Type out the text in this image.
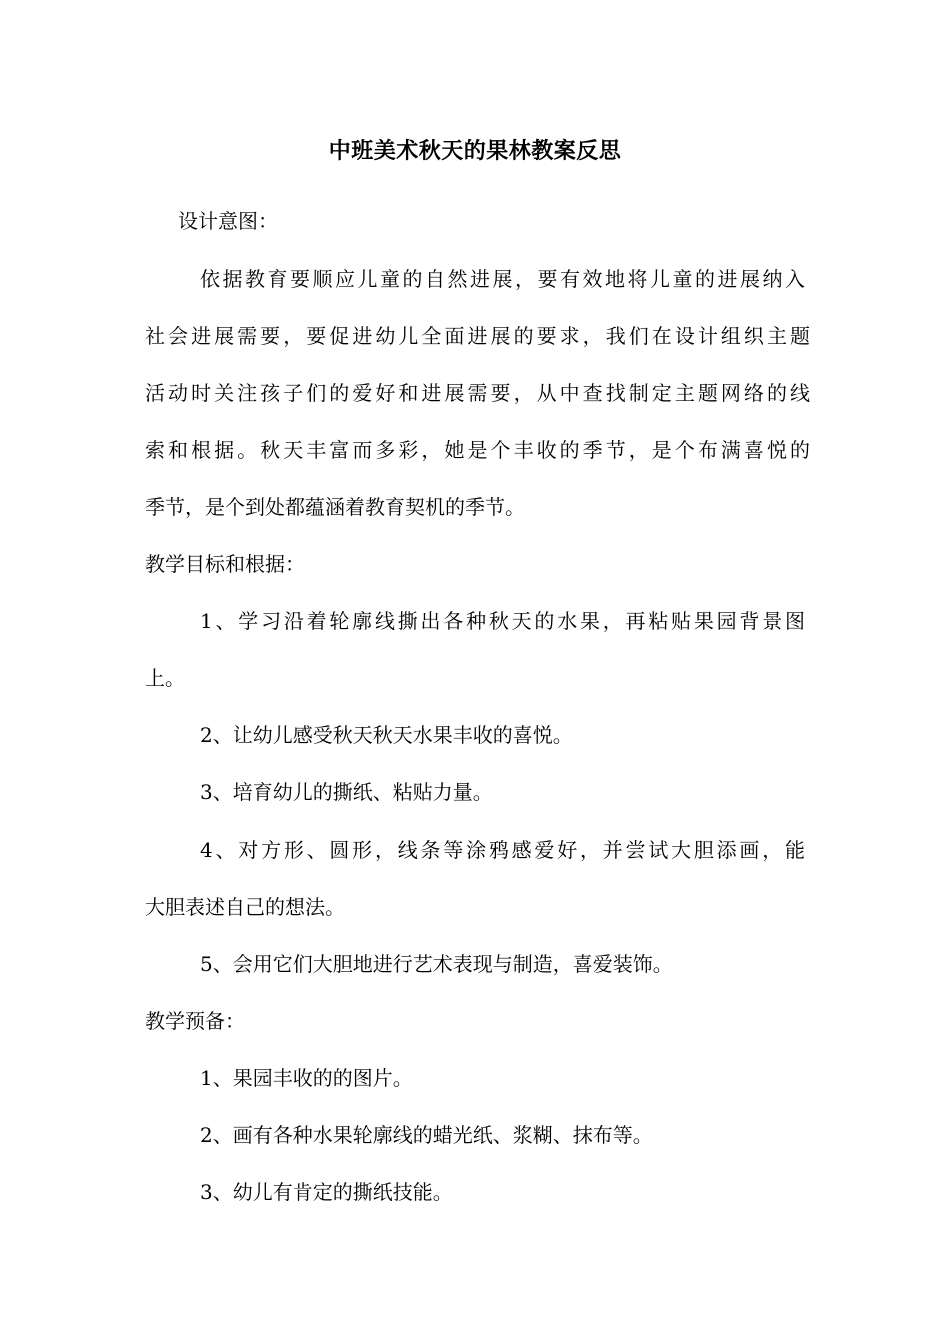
中班美术秋天的果林教案反思
设计意图：
依据教育要顺应儿童的自然进展，要有效地将儿童的进展纳入
社会进展需要，要促进幼儿全面进展的要求，我们在设计组织主题
活动时关注孩子们的爱好和进展需要，从中查找制定主题网络的线
索和根据。秋天丰富而多彩，她是个丰收的季节，是个布满喜悦的
季节，是个到处都蕴涵着教育契机的季节。
教学目标和根据：
1、学习沿着轮廓线撕出各种秋天的水果，再粘贴果园背景图
上。
2、让幼儿感受秋天秋天水果丰收的喜悦。
3、培育幼儿的撕纸、粘贴力量。
4、对方形、圆形，线条等涂鸦感爱好，并尝试大胆添画，能
大胆表述自己的想法。
5、会用它们大胆地进行艺术表现与制造，喜爱装饰。
教学预备：
1、果园丰收的的图片。
2、画有各种水果轮廓线的蜡光纸、浆糊、抹布等。
3、幼儿有肯定的撕纸技能。
